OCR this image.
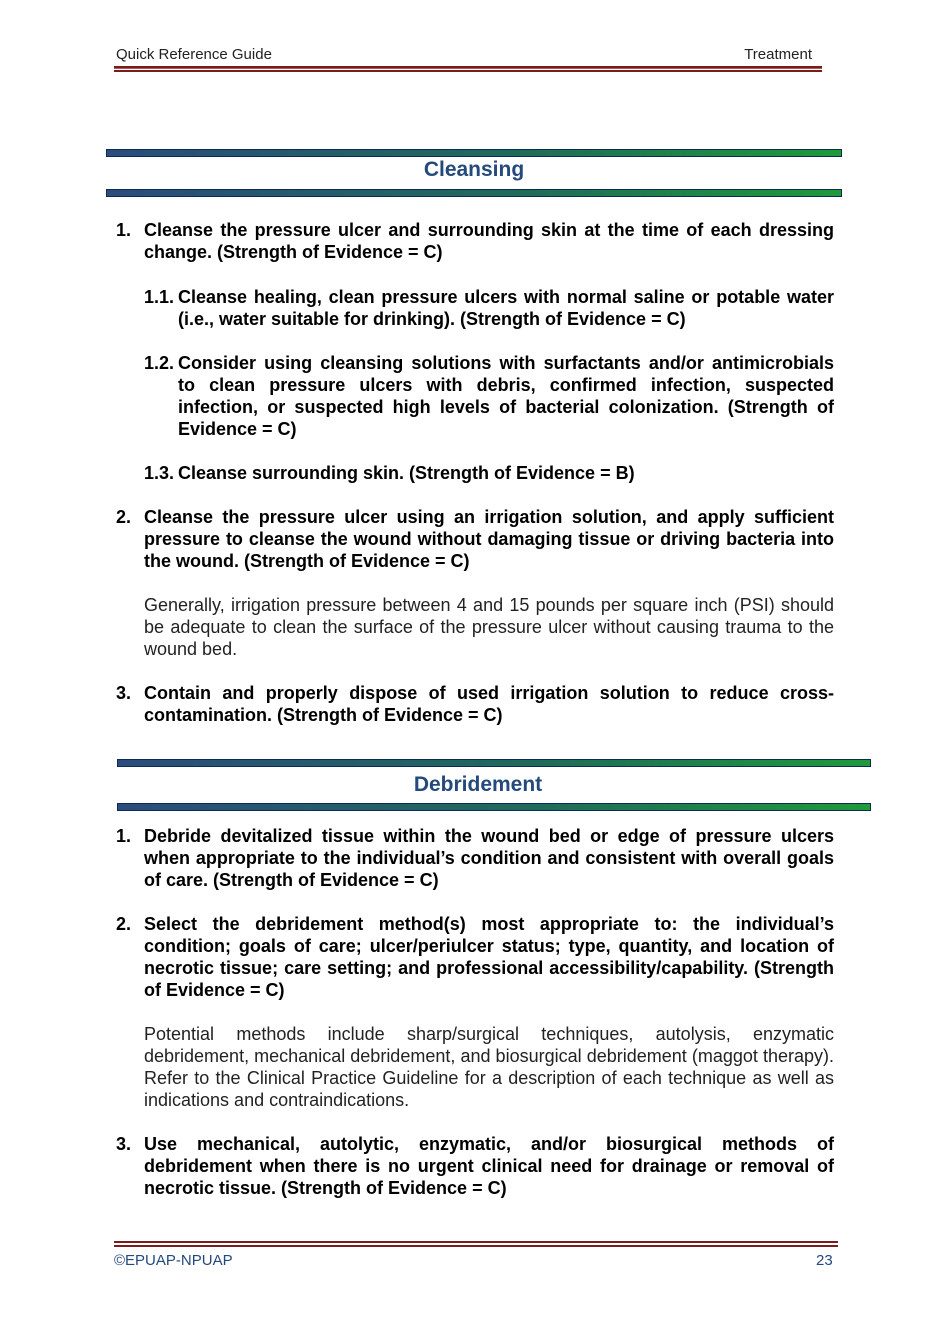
Quick Reference Guide	Treatment
Cleansing
1. Cleanse the pressure ulcer and surrounding skin at the time of each dressing change. (Strength of Evidence = C)
1.1. Cleanse healing, clean pressure ulcers with normal saline or potable water (i.e., water suitable for drinking). (Strength of Evidence = C)
1.2. Consider using cleansing solutions with surfactants and/or antimicrobials to clean pressure ulcers with debris, confirmed infection, suspected infection, or suspected high levels of bacterial colonization. (Strength of Evidence = C)
1.3. Cleanse surrounding skin. (Strength of Evidence = B)
2. Cleanse the pressure ulcer using an irrigation solution, and apply sufficient pressure to cleanse the wound without damaging tissue or driving bacteria into the wound. (Strength of Evidence = C)
Generally, irrigation pressure between 4 and 15 pounds per square inch (PSI) should be adequate to clean the surface of the pressure ulcer without causing trauma to the wound bed.
3. Contain and properly dispose of used irrigation solution to reduce cross-contamination. (Strength of Evidence = C)
Debridement
1. Debride devitalized tissue within the wound bed or edge of pressure ulcers when appropriate to the individual’s condition and consistent with overall goals of care. (Strength of Evidence = C)
2. Select the debridement method(s) most appropriate to: the individual’s condition; goals of care; ulcer/periulcer status; type, quantity, and location of necrotic tissue; care setting; and professional accessibility/capability. (Strength of Evidence = C)
Potential methods include sharp/surgical techniques, autolysis, enzymatic debridement, mechanical debridement, and biosurgical debridement (maggot therapy). Refer to the Clinical Practice Guideline for a description of each technique as well as indications and contraindications.
3. Use mechanical, autolytic, enzymatic, and/or biosurgical methods of debridement when there is no urgent clinical need for drainage or removal of necrotic tissue. (Strength of Evidence = C)
©EPUAP-NPUAP	23
